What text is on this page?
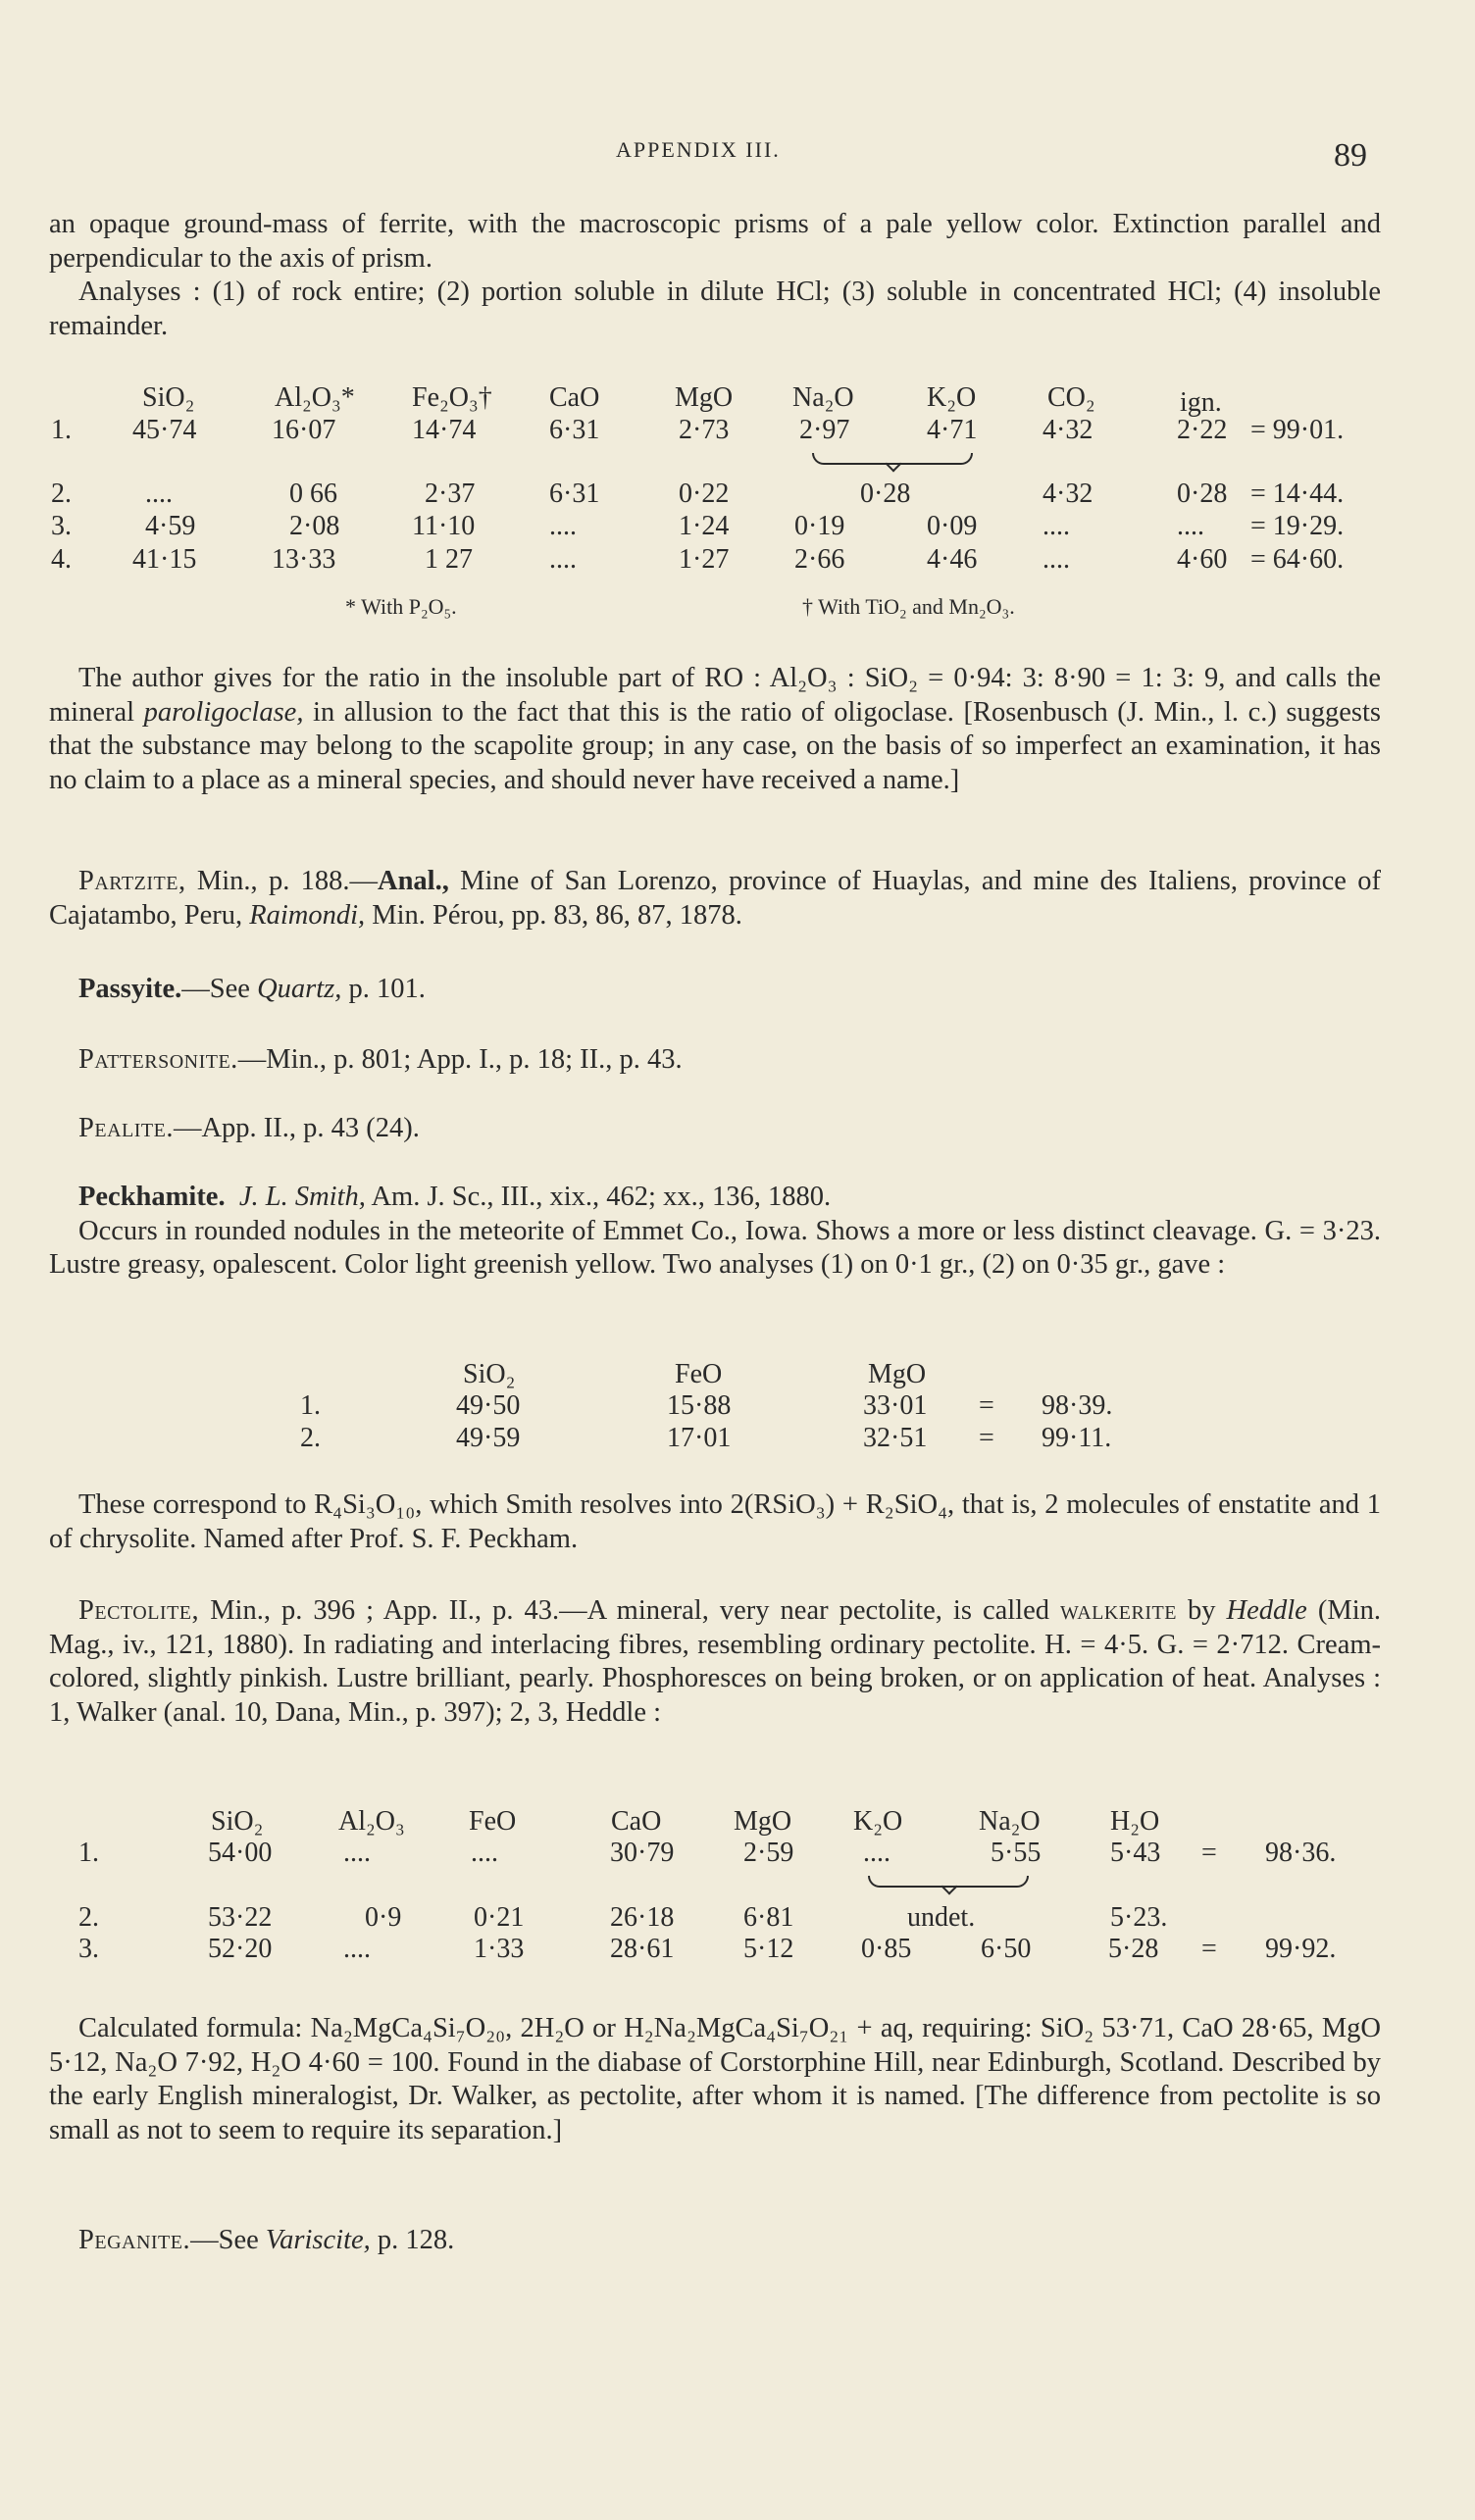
APPENDIX III.	89

an opaque ground-mass of ferrite, with the macroscopic prisms of a pale yellow color. Extinction parallel and perpendicular to the axis of prism.

Analyses : (1) of rock entire; (2) portion soluble in dilute HCl; (3) soluble in concentrated HCl; (4) insoluble remainder.

SiO₂	Al₂O₃* Fe₂O₃† CaO	MgO Na₂O	K₂O	CO₂	ign.
1. 45·74	16·07	14·74	6·31	2·73	2·97	4·71 4·32	2·22 = 99·01.
2.	....	0 66	2·37	6·31	0·22	0·28	4·32	0·28 = 14·44.
3.	4·59	2·08	11·10	....	1·24 0·19	0·09 ....	.... = 19·29.
4. 41·15	13·33	1 27	....	1·27 2·66	4·46 ....	4·60 = 64·60.
* With P₂O₅.	† With TiO₂ and Mn₂O₃.

The author gives for the ratio in the insoluble part of RO : Al₂O₃ : SiO₂ = 0·94: 3: 8·90 = 1: 3: 9, and calls the mineral paroligoclase, in allusion to the fact that this is the ratio of oligoclase. [Rosenbusch (J. Min., l. c.) suggests that the substance may belong to the scapolite group; in any case, on the basis of so imperfect an examination, it has no claim to a place as a mineral species, and should never have received a name.]

Partzite, Min., p. 188.—Anal., Mine of San Lorenzo, province of Huaylas, and mine des Italiens, province of Cajatambo, Peru, Raimondi, Min. Pérou, pp. 83, 86, 87, 1878.

Passyite.—See Quartz, p. 101.

Pattersonite.—Min., p. 801; App. I., p. 18; II., p. 43.

Pealite.—App. II., p. 43 (24).

Peckhamite. J. L. Smith, Am. J. Sc., III., xix., 462; xx., 136, 1880.

Occurs in rounded nodules in the meteorite of Emmet Co., Iowa. Shows a more or less distinct cleavage. G. = 3·23. Lustre greasy, opalescent. Color light greenish yellow. Two analyses (1) on 0·1 gr., (2) on 0·35 gr., gave :

SiO₂	FeO	MgO
1.	49·50	15·88	33·01 = 98·39.
2.	49·59	17·01	32·51 = 99·11.

These correspond to R₄Si₃O₁₀, which Smith resolves into 2(RSiO₃) + R₂SiO₄, that is, 2 molecules of enstatite and 1 of chrysolite. Named after Prof. S. F. Peckham.

Pectolite, Min., p. 396 ; App. II., p. 43.—A mineral, very near pectolite, is called walkerite by Heddle (Min. Mag., iv., 121, 1880). In radiating and interlacing fibres, resembling ordinary pectolite. H. = 4·5. G. = 2·712. Cream-colored, slightly pinkish. Lustre brilliant, pearly. Phosphoresces on being broken, or on application of heat. Analyses : 1, Walker (anal. 10, Dana, Min., p. 397); 2, 3, Heddle :

SiO₂	Al₂O₃ FeO	CaO	MgO K₂O	Na₂O	H₂O
1.	54·00	....	....	30·79	2·59	....	5·55	5·43 = 98·36.
2.	53·22	0·9	0·21	26·18	6·81	undet.	5·23.
3.	52·20	....	1·33	28·61	5·12 0·85	6·50	5·28 = 99·92.

Calculated formula: Na₂MgCa₄Si₇O₂₀, 2H₂O or H₂Na₂MgCa₄Si₇O₂₁ + aq, requiring: SiO₂ 53·71, CaO 28·65, MgO 5·12, Na₂O 7·92, H₂O 4·60 = 100. Found in the diabase of Corstorphine Hill, near Edinburgh, Scotland. Described by the early English mineralogist, Dr. Walker, as pectolite, after whom it is named. [The difference from pectolite is so small as not to seem to require its separation.]

Peganite.—See Variscite, p. 128.
